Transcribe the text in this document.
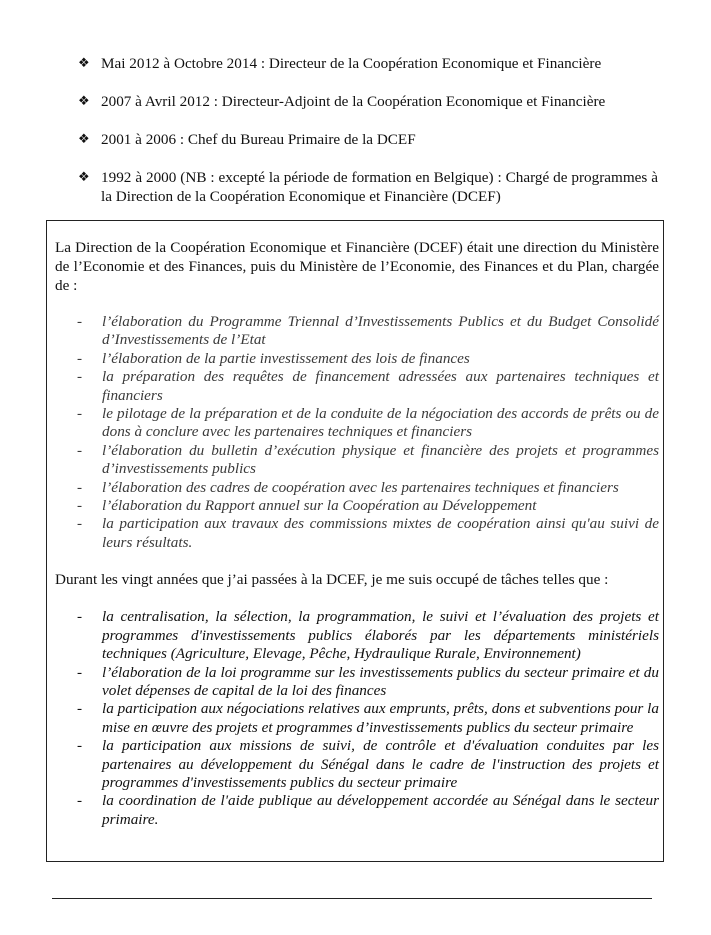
❖ Mai 2012 à Octobre 2014 : Directeur de la Coopération Economique et Financière
❖ 2007 à Avril 2012 : Directeur-Adjoint de la Coopération Economique et Financière
❖ 2001 à 2006 : Chef du Bureau Primaire de la DCEF
❖ 1992 à 2000 (NB : excepté la période de formation en Belgique) : Chargé de programmes à la Direction de la Coopération Economique et Financière (DCEF)

La Direction de la Coopération Economique et Financière (DCEF) était une direction du Ministère de l’Economie et des Finances, puis du Ministère de l’Economie, des Finances et du Plan, chargée de :

- l’élaboration du Programme Triennal d’Investissements Publics et du Budget Consolidé d’Investissements de l’Etat
- l’élaboration de la partie investissement des lois de finances
- la préparation des requêtes de financement adressées aux partenaires techniques et financiers
- le pilotage de la préparation et de la conduite de la négociation des accords de prêts ou de dons à conclure avec les partenaires techniques et financiers
- l’élaboration du bulletin d’exécution physique et financière des projets et programmes d’investissements publics
- l’élaboration des cadres de coopération avec les partenaires techniques et financiers
- l’élaboration du Rapport annuel sur la Coopération au Développement
- la participation aux travaux des commissions mixtes de coopération ainsi qu'au suivi de leurs résultats.

Durant les vingt années que j’ai passées à la DCEF, je me suis occupé de tâches telles que :

- la centralisation, la sélection, la programmation, le suivi et l’évaluation des projets et programmes d'investissements publics élaborés par les départements ministériels techniques (Agriculture, Elevage, Pêche, Hydraulique Rurale, Environnement)
- l’élaboration de la loi programme sur les investissements publics du secteur primaire et du volet dépenses de capital de la loi des finances
- la participation aux négociations relatives aux emprunts, prêts, dons et subventions pour la mise en œuvre des projets et programmes d’investissements publics du secteur primaire
- la participation aux missions de suivi, de contrôle et d'évaluation conduites par les partenaires au développement du Sénégal dans le cadre de l'instruction des projets et programmes d'investissements publics du secteur primaire
- la coordination de l'aide publique au développement accordée au Sénégal dans le secteur primaire.
